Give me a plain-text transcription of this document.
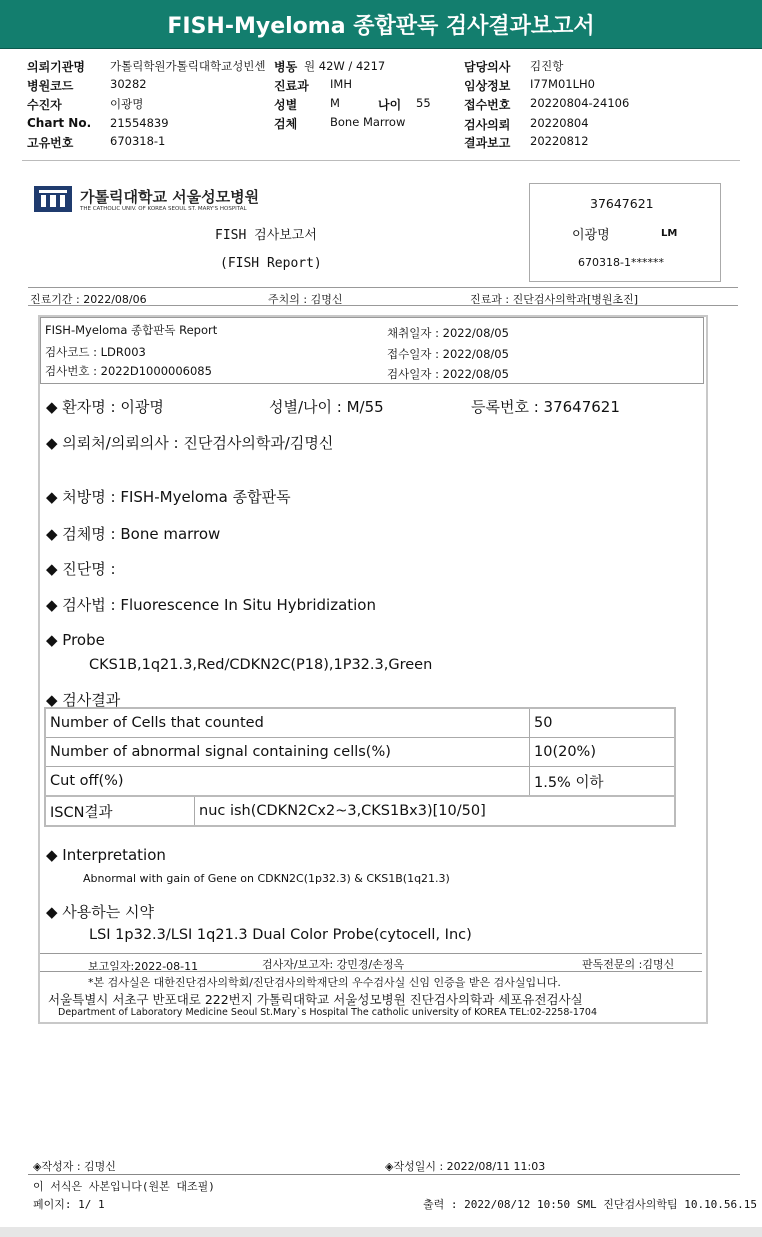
FISH-Myeloma 종합판독 검사결과보고서
의뢰기관명 가톨릭학원가톨릭대학교성빈센
병원코드	30282
수진자	이광명
Chart No. 21554839
고유번호	670318-1
병동 원 42W / 4217
진료과 IMH
성별	M	나이 55
검체	Bone Marrow
담당의사 김진항
임상정보 I77M01LH0
접수번호 20220804-24106
검사의뢰 20220804
결과보고 20220812
가톨릭대학교 서울성모병원
THE CATHOLIC UNIV. OF KOREA SEOUL ST. MARY'S HOSPITAL
FISH 검사보고서
(FISH Report)
37647621
이광명	LM
670318-1******
진료기간 : 2022/08/06	주치의 : 김명신	진료과 : 진단검사의학과[병원초진]
FISH-Myeloma 종합판독 Report
검사코드 : LDR003
검사번호 : 2022D1000006085
채취일자 : 2022/08/05
접수일자 : 2022/08/05
검사일자 : 2022/08/05
◆ 환자명 : 이광명	성별/나이 : M/55	등록번호 : 37647621
◆ 의뢰처/의뢰의사 : 진단검사의학과/김명신
◆ 처방명 : FISH-Myeloma 종합판독
◆ 검체명 : Bone marrow
◆ 진단명 :
◆ 검사법 : Fluorescence In Situ Hybridization
◆ Probe
CKS1B,1q21.3,Red/CDKN2C(P18),1P32.3,Green
◆ 검사결과
Number of Cells that counted	50
Number of abnormal signal containing cells(%)	10(20%)
Cut off(%)	1.5% 이하
ISCN결과	nuc ish(CDKN2Cx2~3,CKS1Bx3)[10/50]
◆ Interpretation
Abnormal with gain of Gene on CDKN2C(1p32.3) & CKS1B(1q21.3)
◆ 사용하는 시약
LSI 1p32.3/LSI 1q21.3 Dual Color Probe(cytocell, Inc)
보고일자:2022-08-11	검사자/보고자: 강민경/손정옥	판독전문의 :김명신
*본 검사실은 대한진단검사의학회/진단검사의학재단의 우수검사실 신임 인증을 받은 검사실입니다.
서울특별시 서초구 반포대로 222번지 가톨릭대학교 서울성모병원 진단검사의학과 세포유전검사실
Department of Laboratory Medicine Seoul St.Mary`s Hospital The catholic university of KOREA TEL:02-2258-1704
◈작성자 : 김명신	◈작성일시 : 2022/08/11 11:03
이 서식은 사본입니다(원본 대조필)
페이지: 1/ 1	출력 : 2022/08/12 10:50 SML 진단검사의학팀 10.10.56.15
